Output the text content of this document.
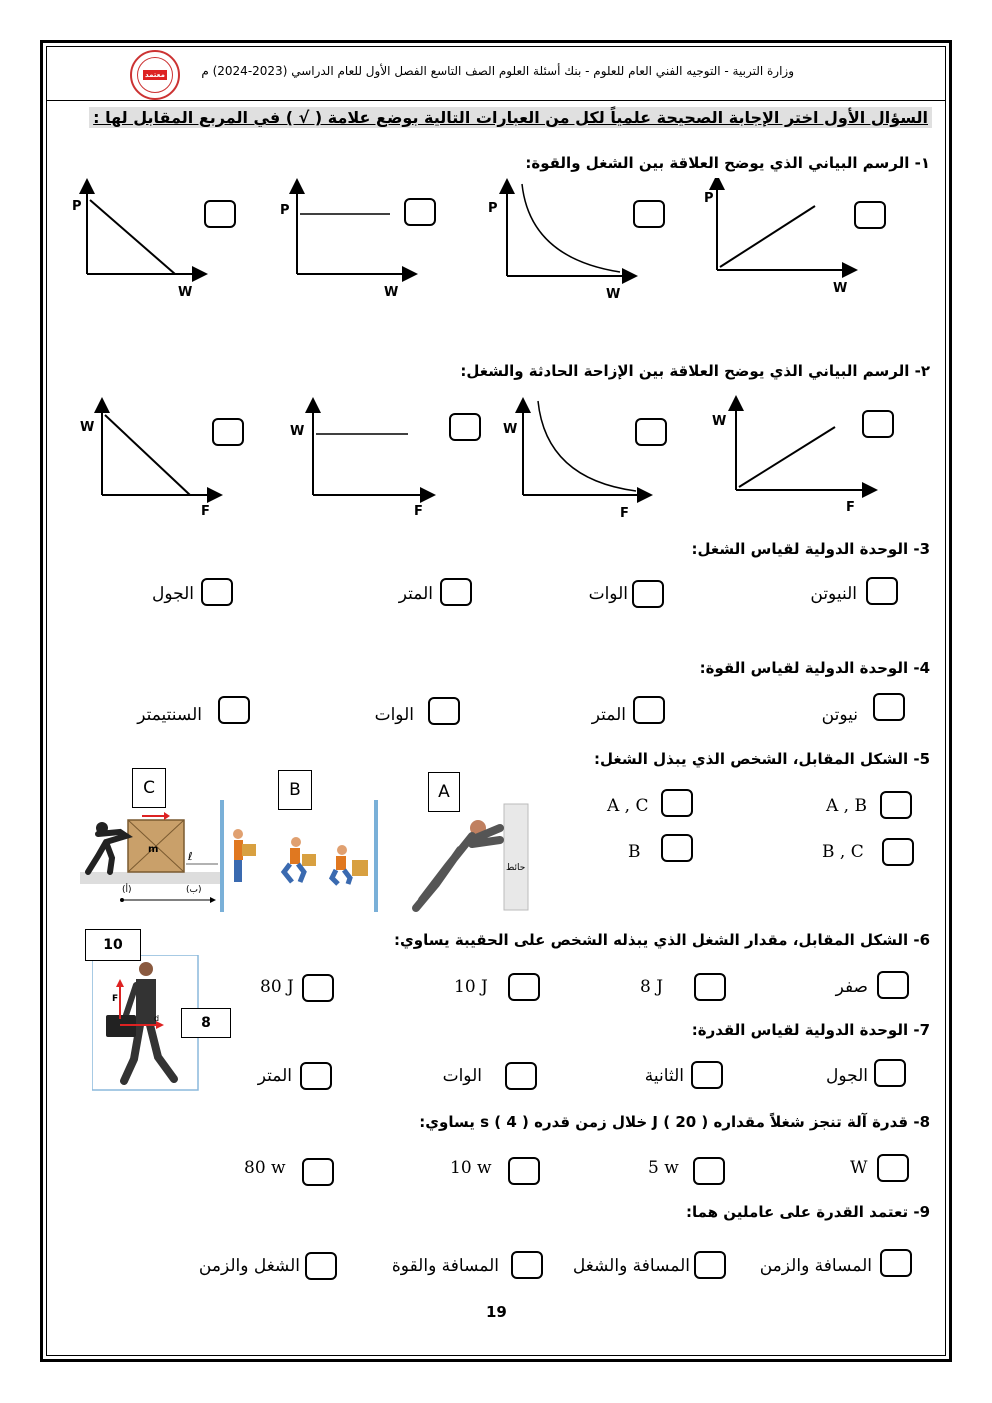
وزارة التربية - التوجيه الفني العام للعلوم - بنك أسئلة العلوم الصف التاسع الفصل الأول للعام الدراسي (2023-2024) م
معتمد
السؤال الأول اختر الإجابة الصحيحة علمياً لكل من العبارات التالية بوضع علامة ( √ ) في المربع المقابل لها :
١- الرسم البياني الذي يوضح العلاقة بين الشغل والقوة:
P
W
P
W
P
W
P
W
٢- الرسم البياني الذي يوضح العلاقة بين الإزاحة الحادثة والشغل:
W
F
W
F
W
F
W
F
3- الوحدة الدولية لقياس الشغل:
النيوتن
الوات
المتر
الجول
4- الوحدة الدولية لقياس القوة:
نيوتن
المتر
الوات
السنتيمتر
5- الشكل المقابل، الشخص الذي يبذل الشغل:
A , B
A , C
B , C
B
C	B	A
m
ℓ
(أ)	(ب)
حائط
6- الشكل المقابل، مقدار الشغل الذي يبذله الشخص على الحقيبة يساوي:
صفر
8 J
10 J
80 J
F
d
10
8	7- الوحدة الدولية لقياس القدرة:
الجول
الثانية
الوات
المتر
8- قدرة آلة تنجز شغلاً مقداره ( 20 ) J خلال زمن قدره ( 4 ) s يساوي:
W
5 w
10 w
80 w
9- تعتمد القدرة على عاملين هما:
المسافة والزمن
المسافة والشغل
المسافة والقوة
الشغل والزمن
19
